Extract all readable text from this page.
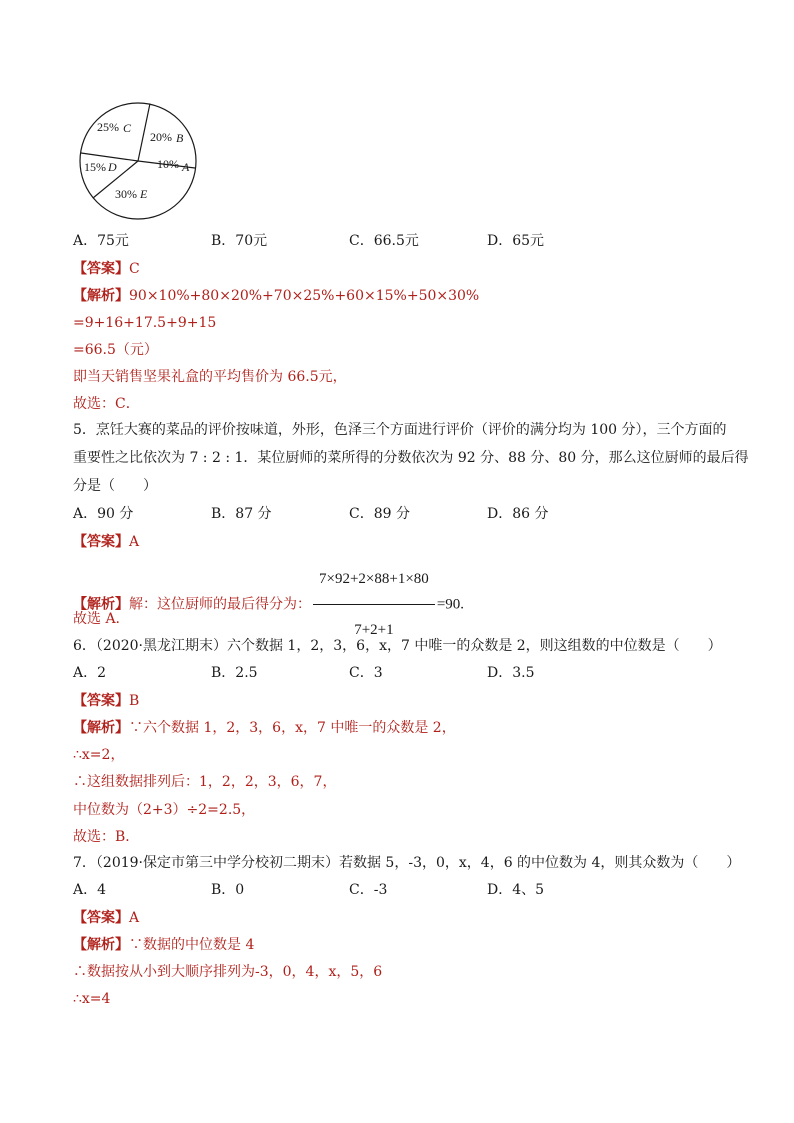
20% B
10% A
30% E
15% D
25% C
A．75元	B．70元	C．66.5元	D．65元
【答案】C
【解析】90×10%+80×20%+70×25%+60×15%+50×30%
=9+16+17.5+9+15
=66.5（元）
即当天销售坚果礼盒的平均售价为 66.5元，
故选：C．
5．烹饪大赛的菜品的评价按味道，外形，色泽三个方面进行评价（评价的满分均为 100 分），三个方面的
重要性之比依次为 7 : 2 : 1．某位厨师的菜所得的分数依次为 92 分、88 分、80 分，那么这位厨师的最后得
分是（　　）
A．90 分	B．87 分	C．89 分	D．86 分
【答案】A
【解析】解：这位厨师的最后得分为： $\frac{7\times 92+2\times 88+1\times 80}{7+2+1} =90$.
故选 A.
6．（2020·黑龙江期末）六个数据 1，2，3，6，x，7 中唯一的众数是 2，则这组数的中位数是（　　）
A．2	B．2.5	C．3	D．3.5
【答案】B
【解析】∵六个数据 1，2，3，6，x，7 中唯一的众数是 2，
∴x=2，
∴这组数据排列后：1，2，2，3，6，7，
中位数为（2+3）÷2=2.5，
故选：B．
7．（2019·保定市第三中学分校初二期末）若数据 5，-3，0，x，4，6 的中位数为 4，则其众数为（　　）
A．4	B．0	C．-3	D．4、5
【答案】A
【解析】∵数据的中位数是 4
∴数据按从小到大顺序排列为-3，0，4，x，5，6
∴x=4
